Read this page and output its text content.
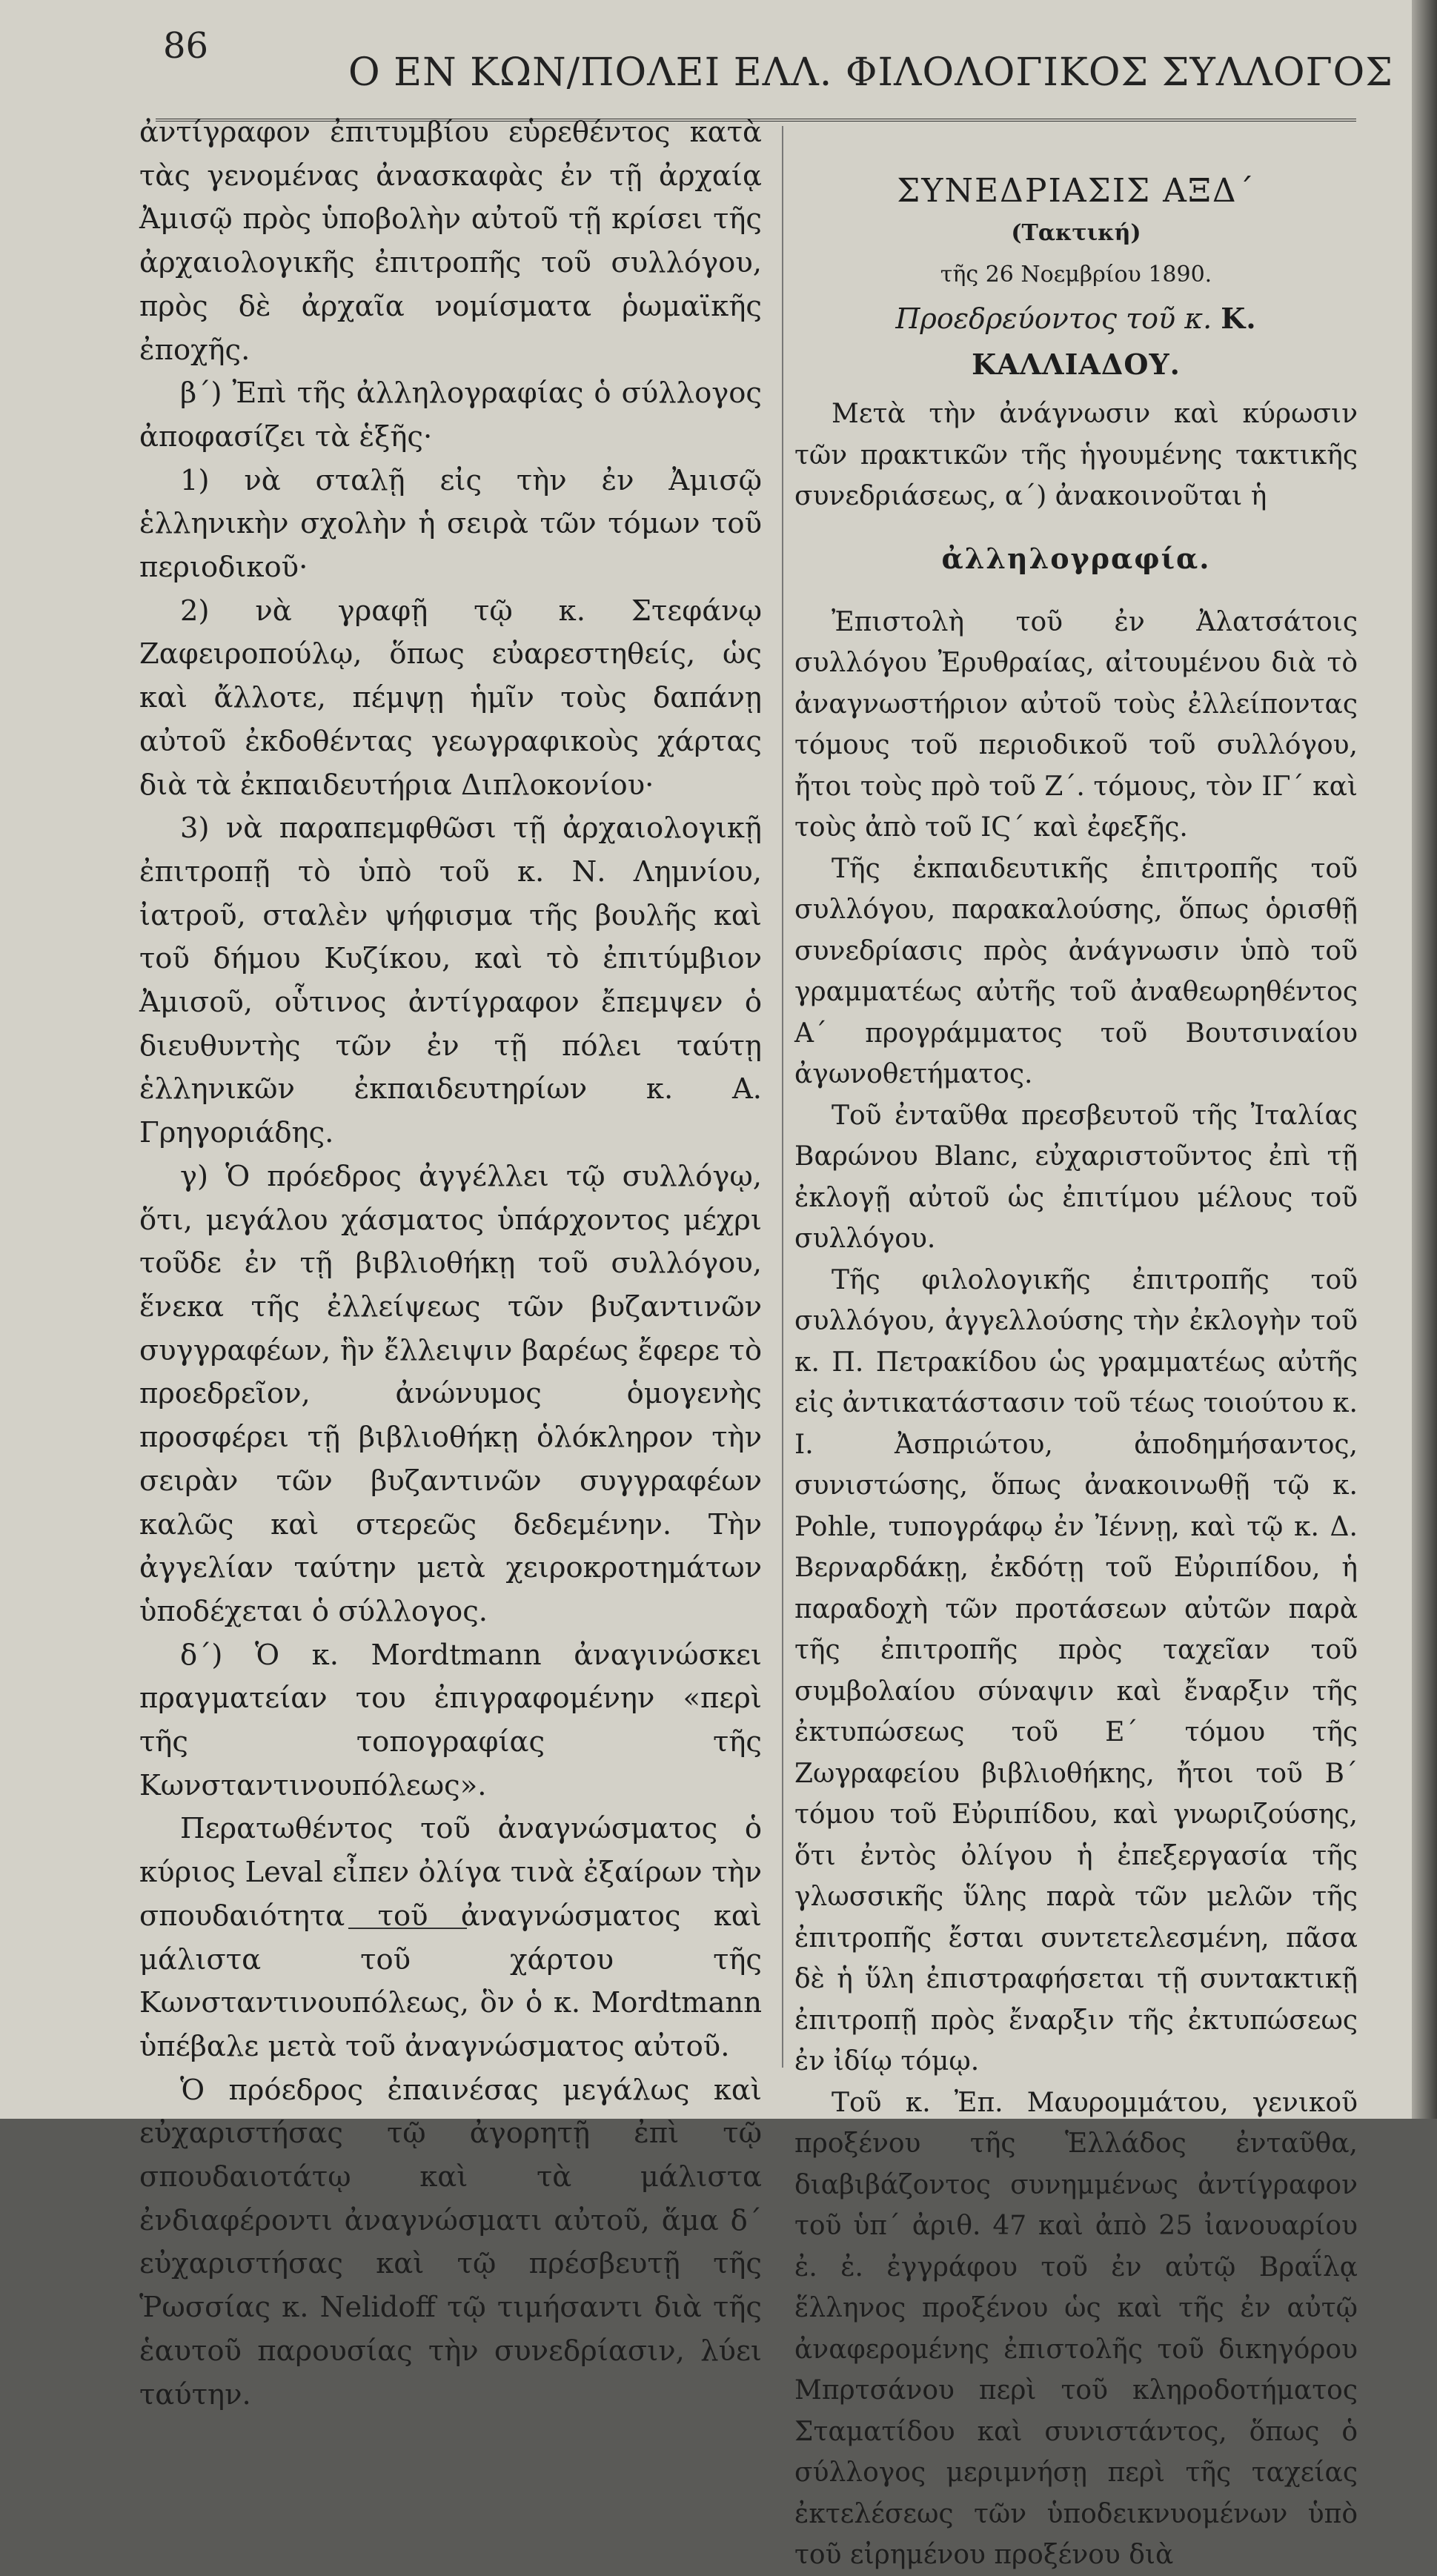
86
Ο ΕΝ ΚΩΝ/ΠΟΛΕΙ ΕΛΛ. ΦΙΛΟΛΟΓΙΚΟΣ ΣΥΛΛΟΓΟΣ

ἀντίγραφον ἐπιτυμβίου εὑρεθέντος κατὰ τὰς γενομένας ἀνασκαφὰς ἐν τῇ ἀρχαίᾳ Ἀμισῷ πρὸς ὑποβολὴν αὐτοῦ τῇ κρίσει τῆς ἀρχαιολογικῆς ἐπιτροπῆς τοῦ συλλόγου, πρὸς δὲ ἀρχαῖα νομίσματα ῥωμαϊκῆς ἐποχῆς.

β΄) Ἐπὶ τῆς ἀλληλογραφίας ὁ σύλλογος ἀποφασίζει τὰ ἑξῆς·

1) νὰ σταλῇ εἰς τὴν ἐν Ἀμισῷ ἑλληνικὴν σχολὴν ἡ σειρὰ τῶν τόμων τοῦ περιοδικοῦ·

2) νὰ γραφῇ τῷ κ. Στεφάνῳ Ζαφειροπούλῳ, ὅπως εὐαρεστηθείς, ὡς καὶ ἄλλοτε, πέμψῃ ἡμῖν τοὺς δαπάνῃ αὐτοῦ ἐκδοθέντας γεωγραφικοὺς χάρτας διὰ τὰ ἐκπαιδευτήρια Διπλοκονίου·

3) νὰ παραπεμφθῶσι τῇ ἀρχαιολογικῇ ἐπιτροπῇ τὸ ὑπὸ τοῦ κ. Ν. Λημνίου, ἰατροῦ, σταλὲν ψήφισμα τῆς βουλῆς καὶ τοῦ δήμου Κυζίκου, καὶ τὸ ἐπιτύμβιον Ἀμισοῦ, οὗτινος ἀντίγραφον ἔπεμψεν ὁ διευθυντὴς τῶν ἐν τῇ πόλει ταύτῃ ἑλληνικῶν ἐκπαιδευτηρίων κ. Α. Γρηγοριάδης.

γ) Ὁ πρόεδρος ἀγγέλλει τῷ συλλόγῳ, ὅτι, μεγάλου χάσματος ὑπάρχοντος μέχρι τοῦδε ἐν τῇ βιβλιοθήκῃ τοῦ συλλόγου, ἕνεκα τῆς ἐλλείψεως τῶν βυζαντινῶν συγγραφέων, ἣν ἔλλειψιν βαρέως ἔφερε τὸ προεδρεῖον, ἀνώνυμος ὁμογενὴς προσφέρει τῇ βιβλιοθήκῃ ὁλόκληρον τὴν σειρὰν τῶν βυζαντινῶν συγγραφέων καλῶς καὶ στερεῶς δεδεμένην. Τὴν ἀγγελίαν ταύτην μετὰ χειροκροτημάτων ὑποδέχεται ὁ σύλλογος.

δ΄) Ὁ κ. Mordtmann ἀναγινώσκει πραγματείαν του ἐπιγραφομένην «περὶ τῆς τοπογραφίας τῆς Κωνσταντινουπόλεως».

Περατωθέντος τοῦ ἀναγνώσματος ὁ κύριος Leval εἶπεν ὀλίγα τινὰ ἐξαίρων τὴν σπουδαιότητα τοῦ ἀναγνώσματος καὶ μάλιστα τοῦ χάρτου τῆς Κωνσταντινουπόλεως, ὃν ὁ κ. Mordtmann ὑπέβαλε μετὰ τοῦ ἀναγνώσματος αὐτοῦ.

Ὁ πρόεδρος ἐπαινέσας μεγάλως καὶ εὐχαριστήσας τῷ ἀγορητῇ ἐπὶ τῷ σπουδαιοτάτῳ καὶ τὰ μάλιστα ἐνδιαφέροντι ἀναγνώσματι αὐτοῦ, ἅμα δ΄ εὐχαριστήσας καὶ τῷ πρέσβευτῇ τῆς Ῥωσσίας κ. Nelidoff τῷ τιμήσαντι διὰ τῆς ἑαυτοῦ παρουσίας τὴν συνεδρίασιν, λύει ταύτην.

ΣΥΝΕΔΡΙΑΣΙΣ ΑΞΔ΄
(Τακτική)
τῆς 26 Νοεμβρίου 1890.
Προεδρεύοντος τοῦ κ. Κ. ΚΑΛΛΙΑΔΟΥ.

Μετὰ τὴν ἀνάγνωσιν καὶ κύρωσιν τῶν πρακτικῶν τῆς ἡγουμένης τακτικῆς συνεδριάσεως, α΄) ἀνακοινοῦται ἡ

ἀλληλογραφία.

Ἐπιστολὴ τοῦ ἐν Ἀλατσάτοις συλλόγου Ἐρυθραίας, αἰτουμένου διὰ τὸ ἀναγνωστήριον αὐτοῦ τοὺς ἐλλείποντας τόμους τοῦ περιοδικοῦ τοῦ συλλόγου, ἤτοι τοὺς πρὸ τοῦ Ζ΄. τόμους, τὸν ΙΓ΄ καὶ τοὺς ἀπὸ τοῦ ΙϚ΄ καὶ ἐφεξῆς.

Τῆς ἐκπαιδευτικῆς ἐπιτροπῆς τοῦ συλλόγου, παρακαλούσης, ὅπως ὁρισθῇ συνεδρίασις πρὸς ἀνάγνωσιν ὑπὸ τοῦ γραμματέως αὐτῆς τοῦ ἀναθεωρηθέντος Α΄ προγράμματος τοῦ Βουτσιναίου ἀγωνοθετήματος.

Τοῦ ἐνταῦθα πρεσβευτοῦ τῆς Ἰταλίας Βαρώνου Blanc, εὐχαριστοῦντος ἐπὶ τῇ ἐκλογῇ αὐτοῦ ὡς ἐπιτίμου μέλους τοῦ συλλόγου.

Τῆς φιλολογικῆς ἐπιτροπῆς τοῦ συλλόγου, ἀγγελλούσης τὴν ἐκλογὴν τοῦ κ. Π. Πετρακίδου ὡς γραμματέως αὐτῆς εἰς ἀντικατάστασιν τοῦ τέως τοιούτου κ. Ι. Ἀσπριώτου, ἀποδημήσαντος, συνιστώσης, ὅπως ἀνακοινωθῇ τῷ κ. Pohle, τυπογράφῳ ἐν Ἰέννῃ, καὶ τῷ κ. Δ. Βερναρδάκῃ, ἐκδότῃ τοῦ Εὐριπίδου, ἡ παραδοχὴ τῶν προτάσεων αὐτῶν παρὰ τῆς ἐπιτροπῆς πρὸς ταχεῖαν τοῦ συμβολαίου σύναψιν καὶ ἔναρξιν τῆς ἐκτυπώσεως τοῦ Ε΄ τόμου τῆς Ζωγραφείου βιβλιοθήκης, ἤτοι τοῦ Β΄ τόμου τοῦ Εὐριπίδου, καὶ γνωριζούσης, ὅτι ἐντὸς ὀλίγου ἡ ἐπεξεργασία τῆς γλωσσικῆς ὕλης παρὰ τῶν μελῶν τῆς ἐπιτροπῆς ἔσται συντετελεσμένη, πᾶσα δὲ ἡ ὕλη ἐπιστραφήσεται τῇ συντακτικῇ ἐπιτροπῇ πρὸς ἔναρξιν τῆς ἐκτυπώσεως ἐν ἰδίῳ τόμῳ.

Τοῦ κ. Ἐπ. Μαυρομμάτου, γενικοῦ προξένου τῆς Ἑλλάδος ἐνταῦθα, διαβιβάζοντος συνημμένως ἀντίγραφον τοῦ ὑπ΄ ἀριθ. 47 καὶ ἀπὸ 25 ἰανουαρίου ἐ. ἐ. ἐγγράφου τοῦ ἐν αὐτῷ Βραΐλᾳ ἕλληνος προξένου ὡς καὶ τῆς ἐν αὐτῷ ἀναφερομένης ἐπιστολῆς τοῦ δικηγόρου Μπρτσάνου περὶ τοῦ κληροδοτήματος Σταματίδου καὶ συνιστάντος, ὅπως ὁ σύλλογος μεριμνήσῃ περὶ τῆς ταχείας ἐκτελέσεως τῶν ὑποδεικνυομένων ὑπὸ τοῦ εἰρημένου προξένου διὰ
